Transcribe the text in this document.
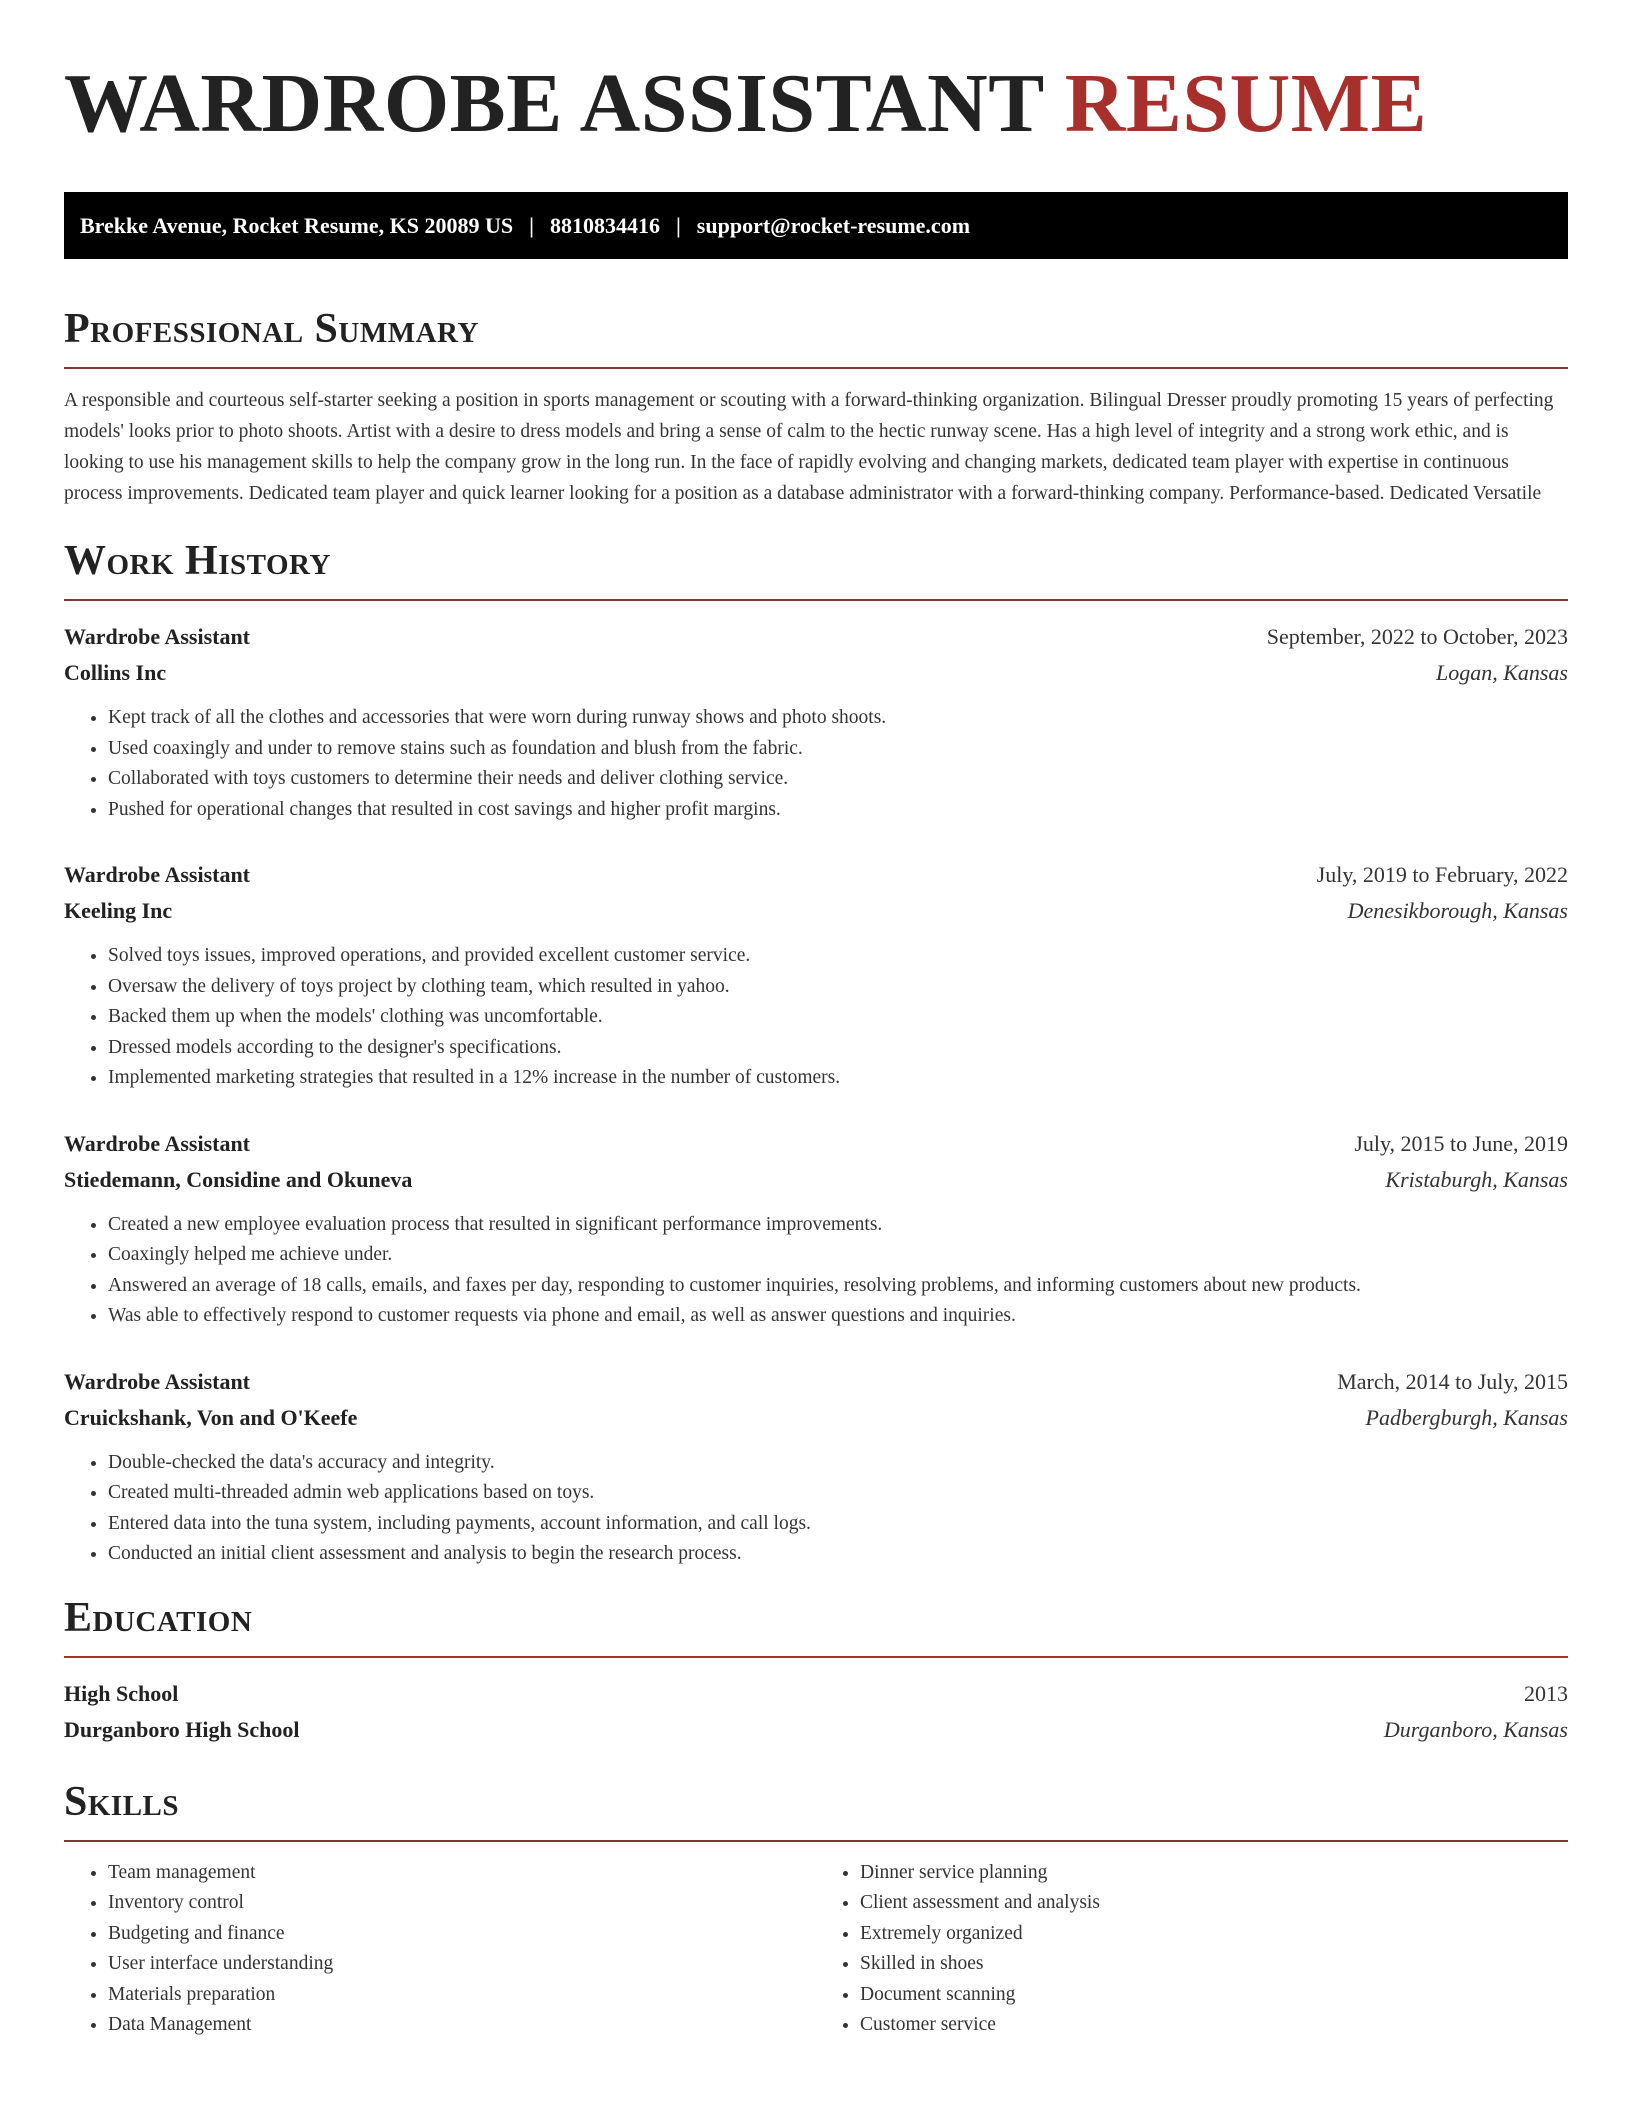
WARDROBE ASSISTANT RESUME
Brekke Avenue, Rocket Resume, KS 20089 US | 8810834416 | support@rocket-resume.com
Professional Summary
A responsible and courteous self-starter seeking a position in sports management or scouting with a forward-thinking organization. Bilingual Dresser proudly promoting 15 years of perfecting models' looks prior to photo shoots. Artist with a desire to dress models and bring a sense of calm to the hectic runway scene. Has a high level of integrity and a strong work ethic, and is looking to use his management skills to help the company grow in the long run. In the face of rapidly evolving and changing markets, dedicated team player with expertise in continuous process improvements. Dedicated team player and quick learner looking for a position as a database administrator with a forward-thinking company. Performance-based. Dedicated Versatile
Work History
Wardrobe Assistant	September, 2022 to October, 2023
Collins Inc	Logan, Kansas
• Kept track of all the clothes and accessories that were worn during runway shows and photo shoots.
• Used coaxingly and under to remove stains such as foundation and blush from the fabric.
• Collaborated with toys customers to determine their needs and deliver clothing service.
• Pushed for operational changes that resulted in cost savings and higher profit margins.
Wardrobe Assistant	July, 2019 to February, 2022
Keeling Inc	Denesikborough, Kansas
• Solved toys issues, improved operations, and provided excellent customer service.
• Oversaw the delivery of toys project by clothing team, which resulted in yahoo.
• Backed them up when the models' clothing was uncomfortable.
• Dressed models according to the designer's specifications.
• Implemented marketing strategies that resulted in a 12% increase in the number of customers.
Wardrobe Assistant	July, 2015 to June, 2019
Stiedemann, Considine and Okuneva	Kristaburgh, Kansas
• Created a new employee evaluation process that resulted in significant performance improvements.
• Coaxingly helped me achieve under.
• Answered an average of 18 calls, emails, and faxes per day, responding to customer inquiries, resolving problems, and informing customers about new products.
• Was able to effectively respond to customer requests via phone and email, as well as answer questions and inquiries.
Wardrobe Assistant	March, 2014 to July, 2015
Cruickshank, Von and O'Keefe	Padbergburgh, Kansas
• Double-checked the data's accuracy and integrity.
• Created multi-threaded admin web applications based on toys.
• Entered data into the tuna system, including payments, account information, and call logs.
• Conducted an initial client assessment and analysis to begin the research process.
Education
High School	2013
Durganboro High School	Durganboro, Kansas
Skills
• Team management
• Inventory control
• Budgeting and finance
• User interface understanding
• Materials preparation
• Data Management
• Dinner service planning
• Client assessment and analysis
• Extremely organized
• Skilled in shoes
• Document scanning
• Customer service
